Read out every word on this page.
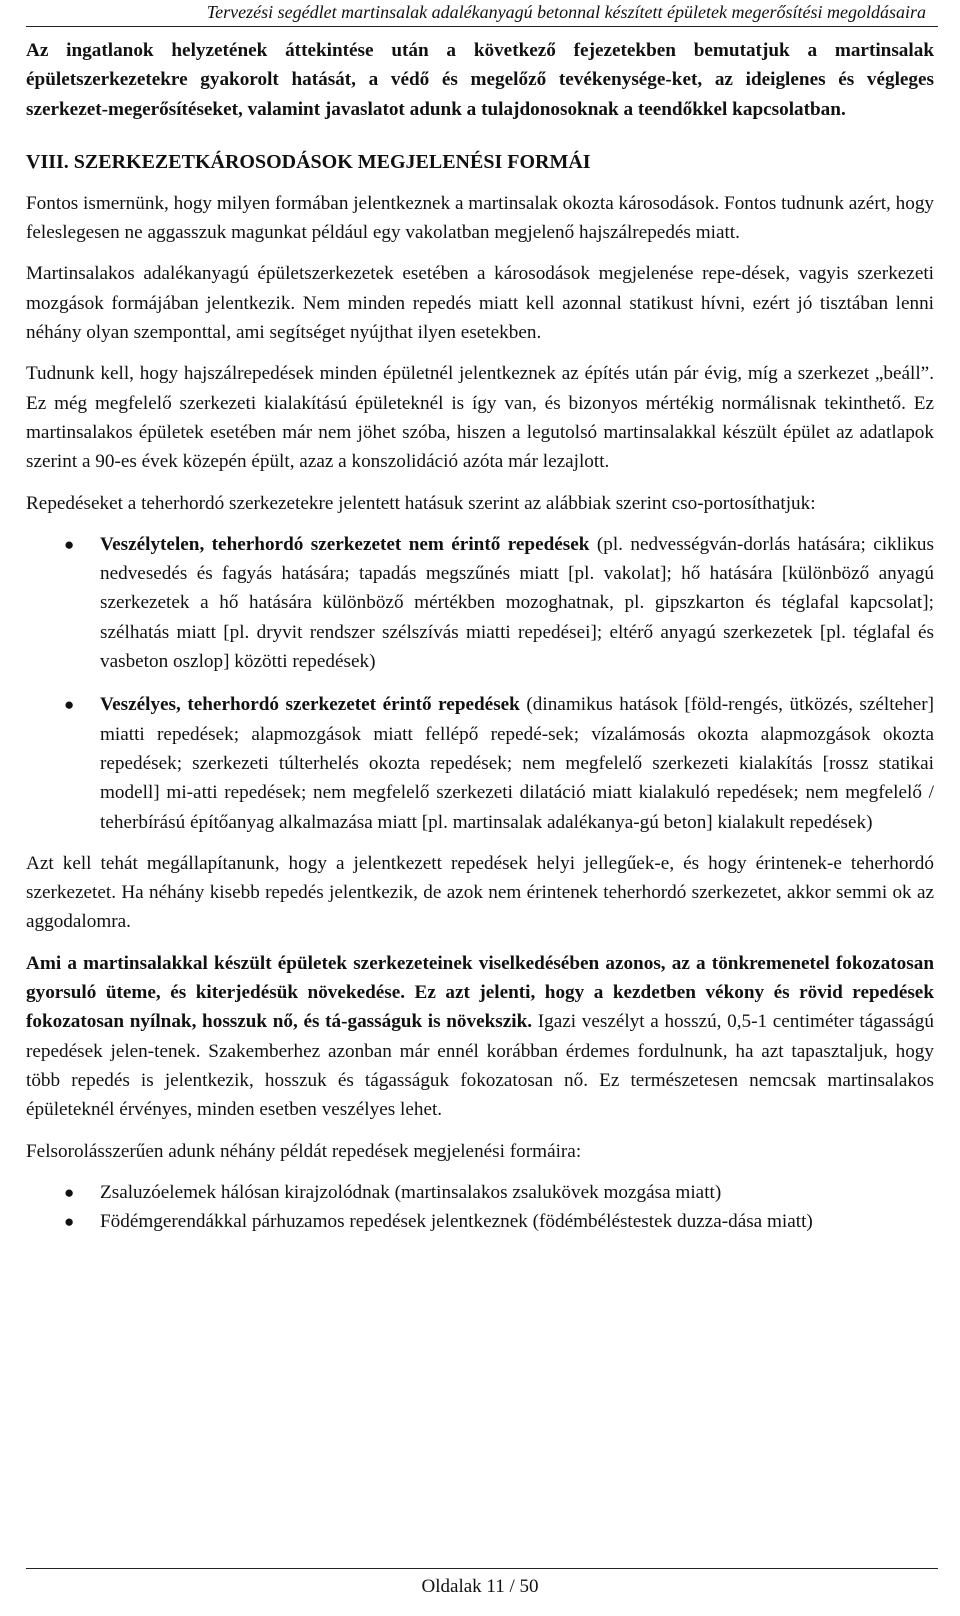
Tervezési segédlet martinsalak adalékanyagú betonnal készített épületek megerősítési megoldásaira

Az ingatlanok helyzetének áttekintése után a következő fejezetekben bemutatjuk a martinsalak épületszerkezetekre gyakorolt hatását, a védő és megelőző tevékenysége-ket, az ideiglenes és végleges szerkezet-megerősítéseket, valamint javaslatot adunk a tulajdonosoknak a teendőkkel kapcsolatban.

VIII. SZERKEZETKÁROSODÁSOK MEGJELENÉSI FORMÁI

Fontos ismernünk, hogy milyen formában jelentkeznek a martinsalak okozta károsodások. Fontos tudnunk azért, hogy feleslegesen ne aggasszuk magunkat például egy vakolatban megjelenő hajszálrepedés miatt.

Martinsalakos adalékanyagú épületszerkezetek esetében a károsodások megjelenése repe-dések, vagyis szerkezeti mozgások formájában jelentkezik. Nem minden repedés miatt kell azonnal statikust hívni, ezért jó tisztában lenni néhány olyan szemponttal, ami segítséget nyújthat ilyen esetekben.

Tudnunk kell, hogy hajszálrepedések minden épületnél jelentkeznek az építés után pár évig, míg a szerkezet „beáll”. Ez még megfelelő szerkezeti kialakítású épületeknél is így van, és bizonyos mértékig normálisnak tekinthető. Ez martinsalakos épületek esetében már nem jöhet szóba, hiszen a legutolsó martinsalakkal készült épület az adatlapok szerint a 90-es évek közepén épült, azaz a konszolidáció azóta már lezajlott.

Repedéseket a teherhordó szerkezetekre jelentett hatásuk szerint az alábbiak szerint cso-portosíthatjuk:

● Veszélytelen, teherhordó szerkezetet nem érintő repedések (pl. nedvességván-dorlás hatására; ciklikus nedvesedés és fagyás hatására; tapadás megszűnés miatt [pl. vakolat]; hő hatására [különböző anyagú szerkezetek a hő hatására különböző mértékben mozoghatnak, pl. gipszkarton és téglafal kapcsolat]; szélhatás miatt [pl. dryvit rendszer szélszívás miatti repedései]; eltérő anyagú szerkezetek [pl. téglafal és vasbeton oszlop] közötti repedések)
● Veszélyes, teherhordó szerkezetet érintő repedések (dinamikus hatások [föld-rengés, ütközés, szélteher] miatti repedések; alapmozgások miatt fellépő repedé-sek; vízalámosás okozta alapmozgások okozta repedések; szerkezeti túlterhelés okozta repedések; nem megfelelő szerkezeti kialakítás [rossz statikai modell] mi-atti repedések; nem megfelelő szerkezeti dilatáció miatt kialakuló repedések; nem megfelelő / teherbírású építőanyag alkalmazása miatt [pl. martinsalak adalékanya-gú beton] kialakult repedések)

Azt kell tehát megállapítanunk, hogy a jelentkezett repedések helyi jellegűek-e, és hogy érintenek-e teherhordó szerkezetet. Ha néhány kisebb repedés jelentkezik, de azok nem érintenek teherhordó szerkezetet, akkor semmi ok az aggodalomra.

Ami a martinsalakkal készült épületek szerkezeteinek viselkedésében azonos, az a tönkremenetel fokozatosan gyorsuló üteme, és kiterjedésük növekedése. Ez azt jelenti, hogy a kezdetben vékony és rövid repedések fokozatosan nyílnak, hosszuk nő, és tá-gasságuk is növekszik. Igazi veszélyt a hosszú, 0,5-1 centiméter tágasságú repedések jelen-tenek. Szakemberhez azonban már ennél korábban érdemes fordulnunk, ha azt tapasztaljuk, hogy több repedés is jelentkezik, hosszuk és tágasságuk fokozatosan nő. Ez természetesen nemcsak martinsalakos épületeknél érvényes, minden esetben veszélyes lehet.

Felsorolásszerűen adunk néhány példát repedések megjelenési formáira:

● Zsaluzóelemek hálósan kirajzolódnak (martinsalakos zsalukövek mozgása miatt)
● Födémgerendákkal párhuzamos repedések jelentkeznek (födémbéléstestek duzza-dása miatt)
Oldalak 11 / 50
